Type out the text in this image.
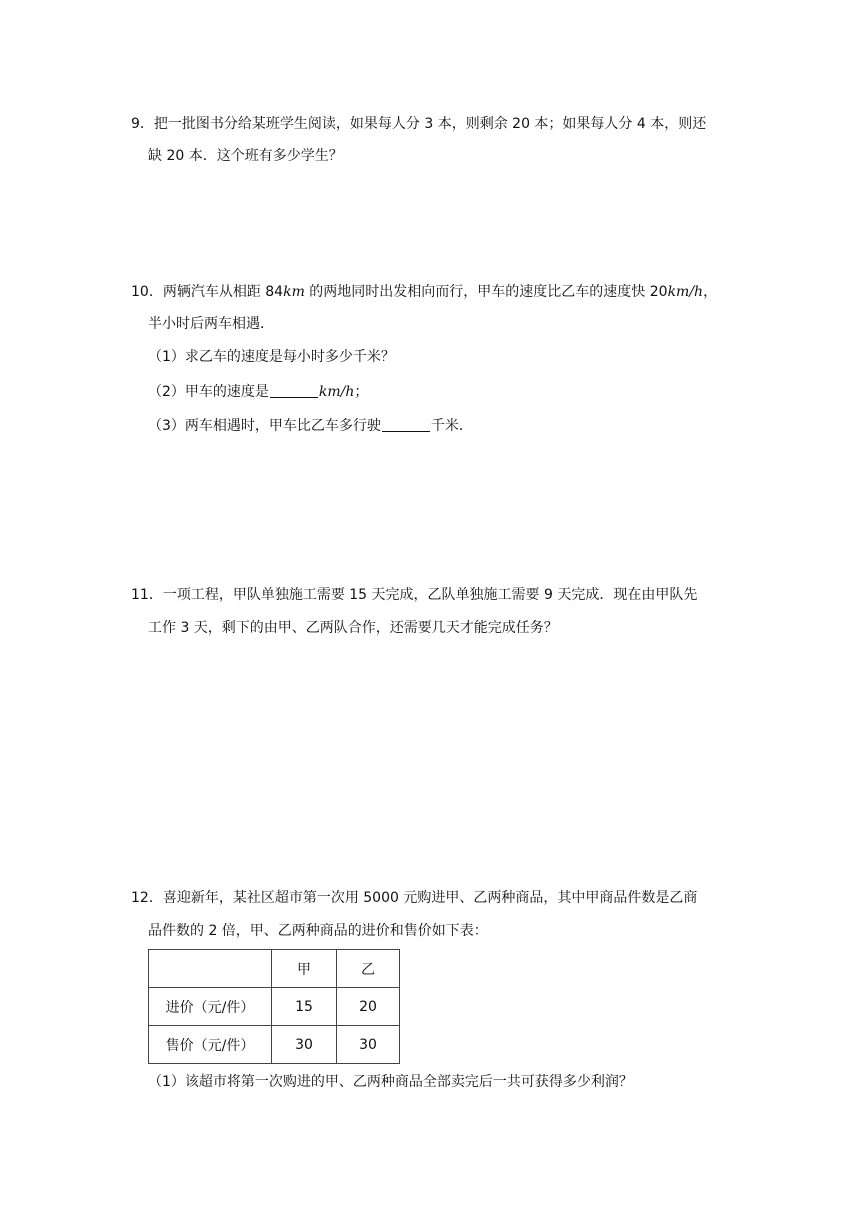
9．把一批图书分给某班学生阅读，如果每人分 3 本，则剩余 20 本；如果每人分 4 本，则还
缺 20 本．这个班有多少学生？
10．两辆汽车从相距 84km 的两地同时出发相向而行，甲车的速度比乙车的速度快 20km/h，
半小时后两车相遇．
（1）求乙车的速度是每小时多少千米？
（2）甲车的速度是	km/h；
（3）两车相遇时，甲车比乙车多行驶	千米．
11．一项工程，甲队单独施工需要 15 天完成，乙队单独施工需要 9 天完成．现在由甲队先
工作 3 天，剩下的由甲、乙两队合作，还需要几天才能完成任务？
12．喜迎新年，某社区超市第一次用 5000 元购进甲、乙两种商品，其中甲商品件数是乙商
品件数的 2 倍，甲、乙两种商品的进价和售价如下表：
	甲	乙
进价（元/件）	15	20
售价（元/件）	30	30
（1）该超市将第一次购进的甲、乙两种商品全部卖完后一共可获得多少利润？
